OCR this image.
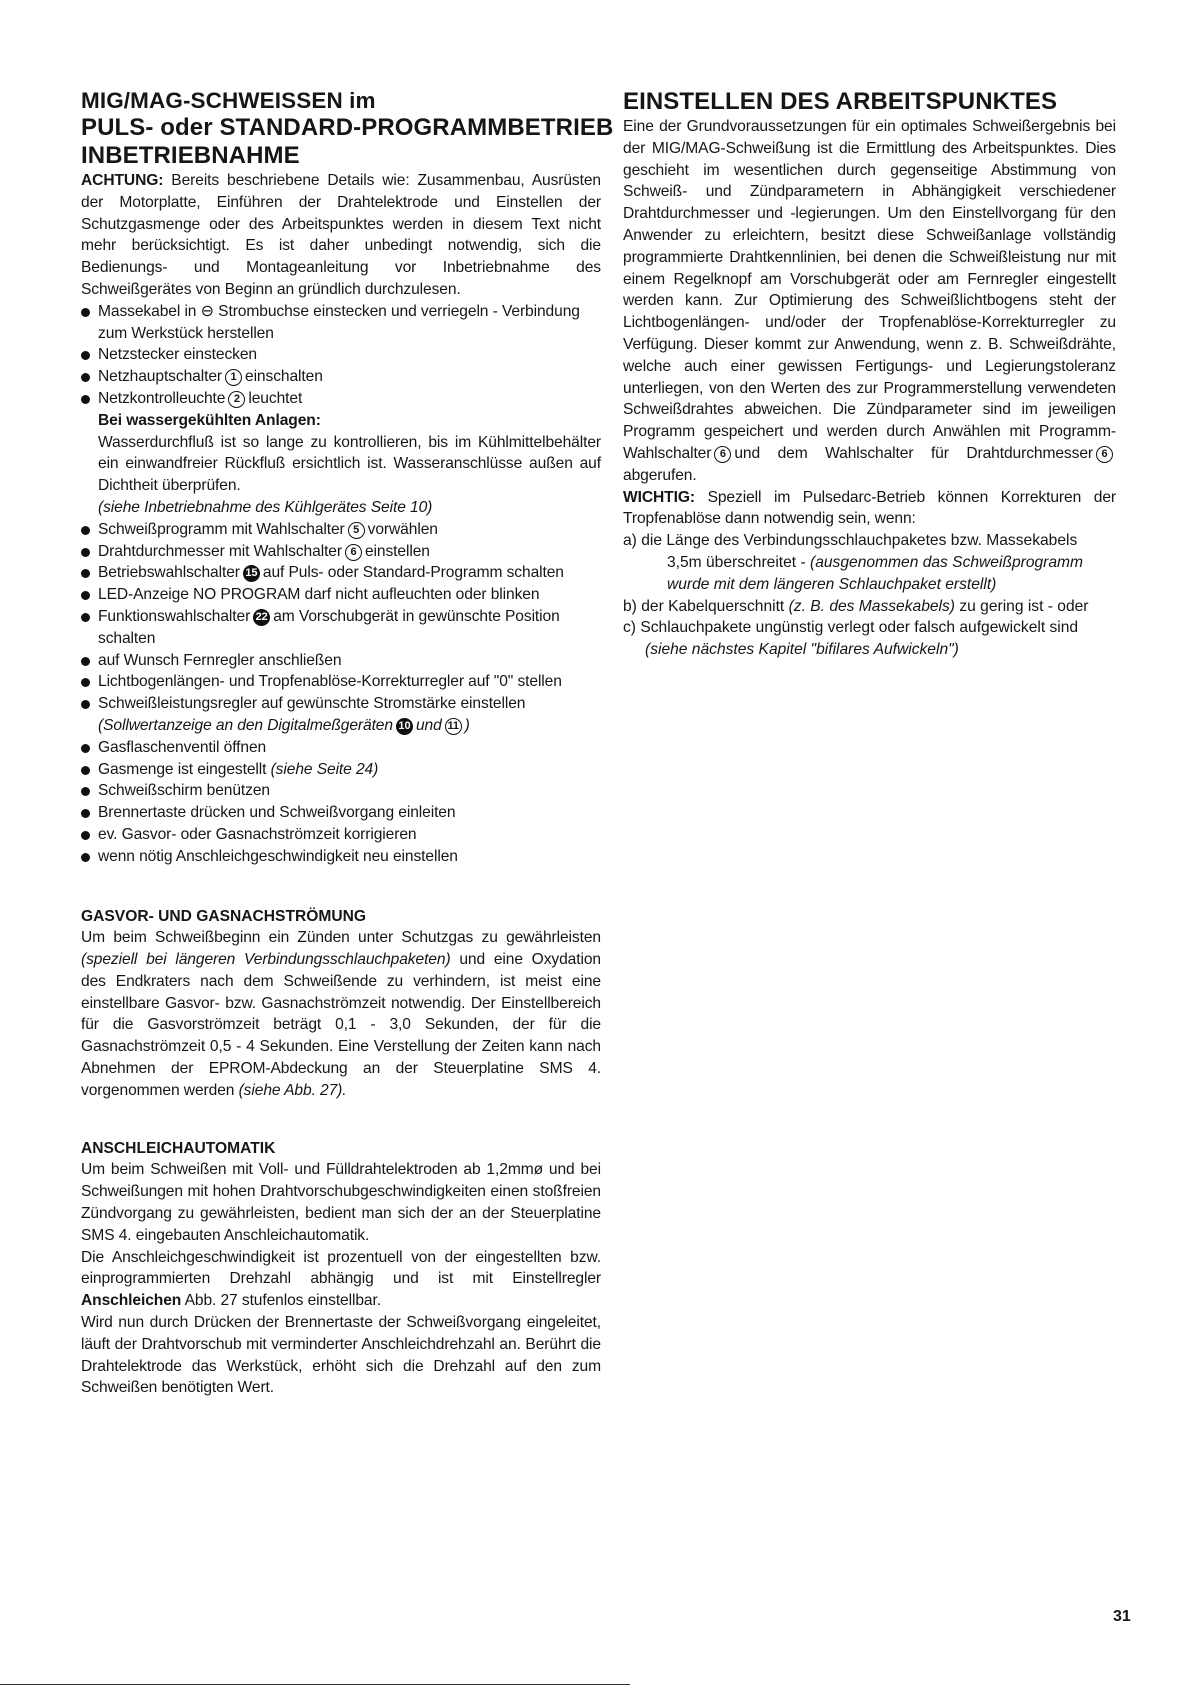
MIG/MAG-SCHWEISSEN im
PULS- oder STANDARD-PROGRAMMBETRIEB
INBETRIEBNAHME

ACHTUNG: Bereits beschriebene Details wie: Zusammenbau, Ausrüsten der Motorplatte, Einführen der Drahtelektrode und Einstellen der Schutzgasmenge oder des Arbeitspunktes werden in diesem Text nicht mehr berücksichtigt. Es ist daher unbedingt notwendig, sich die Bedienungs- und Montageanleitung vor Inbetriebnahme des Schweißgerätes von Beginn an gründlich durchzulesen.

Massekabel in ⊖ Strombuchse einstecken und verriegeln - Verbindung zum Werkstück herstellen
Netzstecker einstecken
Netzhauptschalter 1 einschalten
Netzkontrolleuchte 2 leuchtet
Bei wassergekühlten Anlagen:
Wasserdurchfluß ist so lange zu kontrollieren, bis im Kühlmittelbehälter ein einwandfreier Rückfluß ersichtlich ist. Wasseranschlüsse außen auf Dichtheit überprüfen.
(siehe Inbetriebnahme des Kühlgerätes Seite 10)
Schweißprogramm mit Wahlschalter 5 vorwählen
Drahtdurchmesser mit Wahlschalter 6 einstellen
Betriebswahlschalter 15 auf Puls- oder Standard-Programm schalten
LED-Anzeige NO PROGRAM darf nicht aufleuchten oder blinken
Funktionswahlschalter 22 am Vorschubgerät in gewünschte Position schalten
auf Wunsch Fernregler anschließen
Lichtbogenlängen- und Tropfenablöse-Korrekturregler auf "0" stellen
Schweißleistungsregler auf gewünschte Stromstärke einstellen (Sollwertanzeige an den Digitalmeßgeräten 10 und 11 )
Gasflaschenventil öffnen
Gasmenge ist eingestellt (siehe Seite 24)
Schweißschirm benützen
Brennertaste drücken und Schweißvorgang einleiten
ev. Gasvor- oder Gasnachströmzeit korrigieren
wenn nötig Anschleichgeschwindigkeit neu einstellen
GASVOR- UND GASNACHSTRÖMUNG

Um beim Schweißbeginn ein Zünden unter Schutzgas zu gewährleisten (speziell bei längeren Verbindungsschlauchpaketen) und eine Oxydation des Endkraters nach dem Schweißende zu verhindern, ist meist eine einstellbare Gasvor- bzw. Gasnachströmzeit notwendig. Der Einstellbereich für die Gasvorströmzeit beträgt 0,1 - 3,0 Sekunden, der für die Gasnachströmzeit 0,5 - 4 Sekunden. Eine Verstellung der Zeiten kann nach Abnehmen der EPROM-Abdeckung an der Steuerplatine SMS 4. vorgenommen werden (siehe Abb. 27).

ANSCHLEICHAUTOMATIK

Um beim Schweißen mit Voll- und Fülldrahtelektroden ab 1,2mmø und bei Schweißungen mit hohen Drahtvorschubgeschwindigkeiten einen stoßfreien Zündvorgang zu gewährleisten, bedient man sich der an der Steuerplatine SMS 4. eingebauten Anschleichautomatik.

Die Anschleichgeschwindigkeit ist prozentuell von der eingestellten bzw. einprogrammierten Drehzahl abhängig und ist mit Einstellregler Anschleichen Abb. 27 stufenlos einstellbar.

Wird nun durch Drücken der Brennertaste der Schweißvorgang eingeleitet, läuft der Drahtvorschub mit verminderter Anschleichdrehzahl an. Berührt die Drahtelektrode das Werkstück, erhöht sich die Drehzahl auf den zum Schweißen benötigten Wert.

EINSTELLEN DES ARBEITSPUNKTES

Eine der Grundvoraussetzungen für ein optimales Schweißergebnis bei der MIG/MAG-Schweißung ist die Ermittlung des Arbeitspunktes. Dies geschieht im wesentlichen durch gegenseitige Abstimmung von Schweiß- und Zündparametern in Abhängigkeit verschiedener Drahtdurchmesser und -legierungen. Um den Einstellvorgang für den Anwender zu erleichtern, besitzt diese Schweißanlage vollständig programmierte Drahtkennlinien, bei denen die Schweißleistung nur mit einem Regelknopf am Vorschubgerät oder am Fernregler eingestellt werden kann. Zur Optimierung des Schweißlichtbogens steht der Lichtbogenlängen- und/oder der Tropfenablöse-Korrekturregler zu Verfügung. Dieser kommt zur Anwendung, wenn z. B. Schweißdrähte, welche auch einer gewissen Fertigungs- und Legierungstoleranz unterliegen, von den Werten des zur Programmerstellung verwendeten Schweißdrahtes abweichen. Die Zündparameter sind im jeweiligen Programm gespeichert und werden durch Anwählen mit Programm-Wahlschalter 6 und dem Wahlschalter für Drahtdurchmesser 6abgerufen.

WICHTIG: Speziell im Pulsedarc-Betrieb können Korrekturen der Tropfenablöse dann notwendig sein, wenn:

a) die Länge des Verbindungsschlauchpaketes bzw. Massekabels
3,5m überschreitet - (ausgenommen das Schweißprogramm wurde mit dem längeren Schlauchpaket erstellt)
b) der Kabelquerschnitt (z. B. des Massekabels) zu gering ist - oder
c) Schlauchpakete ungünstig verlegt oder falsch aufgewickelt sind (siehe nächstes Kapitel "bifilares Aufwickeln")
31
